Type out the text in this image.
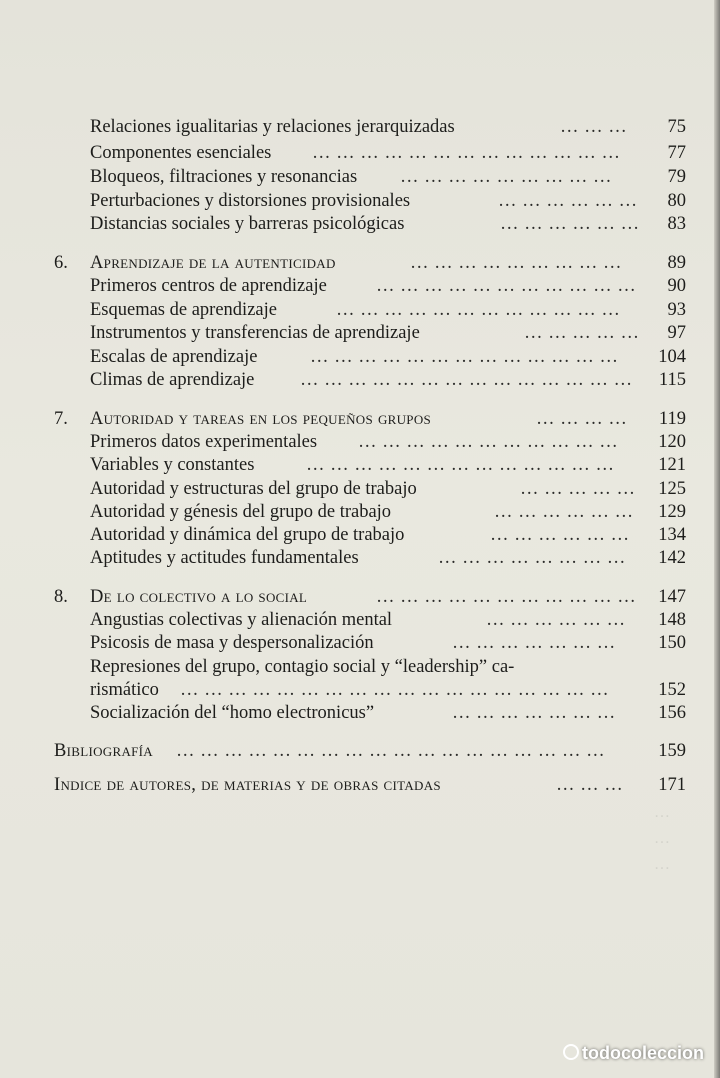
…
…
…
Relaciones igualitarias y relaciones jerarquizadas	… … …	75
Componentes esenciales … … … … … … … … … … … … …	77
Bloqueos, filtraciones y resonancias … … … … … … … … …	79
Perturbaciones y distorsiones provisionales	… … … … … …	80
Distancias sociales y barreras psicológicas	… … … … … …	83
6. Aprendizaje de la autenticidad	… … … … … … … … …	89
Primeros centros de aprendizaje	… … … … … … … … … … …	90
Esquemas de aprendizaje	… … … … … … … … … … … …	93
Instrumentos y transferencias de aprendizaje	… … … … …	97
Escalas de aprendizaje	… … … … … … … … … … … … …	104
Climas de aprendizaje … … … … … … … … … … … … … …	115
7. Autoridad y tareas en los pequeños grupos	… … … …	119
Primeros datos experimentales … … … … … … … … … … …	120
Variables y constantes	… … … … … … … … … … … … …	121
Autoridad y estructuras del grupo de trabajo	… … … … …	125
Autoridad y génesis del grupo de trabajo	… … … … … …	129
Autoridad y dinámica del grupo de trabajo	… … … … … …	134
Aptitudes y actitudes fundamentales	… … … … … … … …	142
8. De lo colectivo a lo social	… … … … … … … … … … …	147
Angustias colectivas y alienación mental	… … … … … …	148
Psicosis de masa y despersonalización	… … … … … … …	150
Represiones del grupo, contagio social y “leadership” ca-
rismático … … … … … … … … … … … … … … … … … …	152
Socialización del “homo electronicus”	… … … … … … …	156
Bibliografía … … … … … … … … … … … … … … … … … …	159
Indice de autores, de materias y de obras citadas	… … …	171
todocoleccion
